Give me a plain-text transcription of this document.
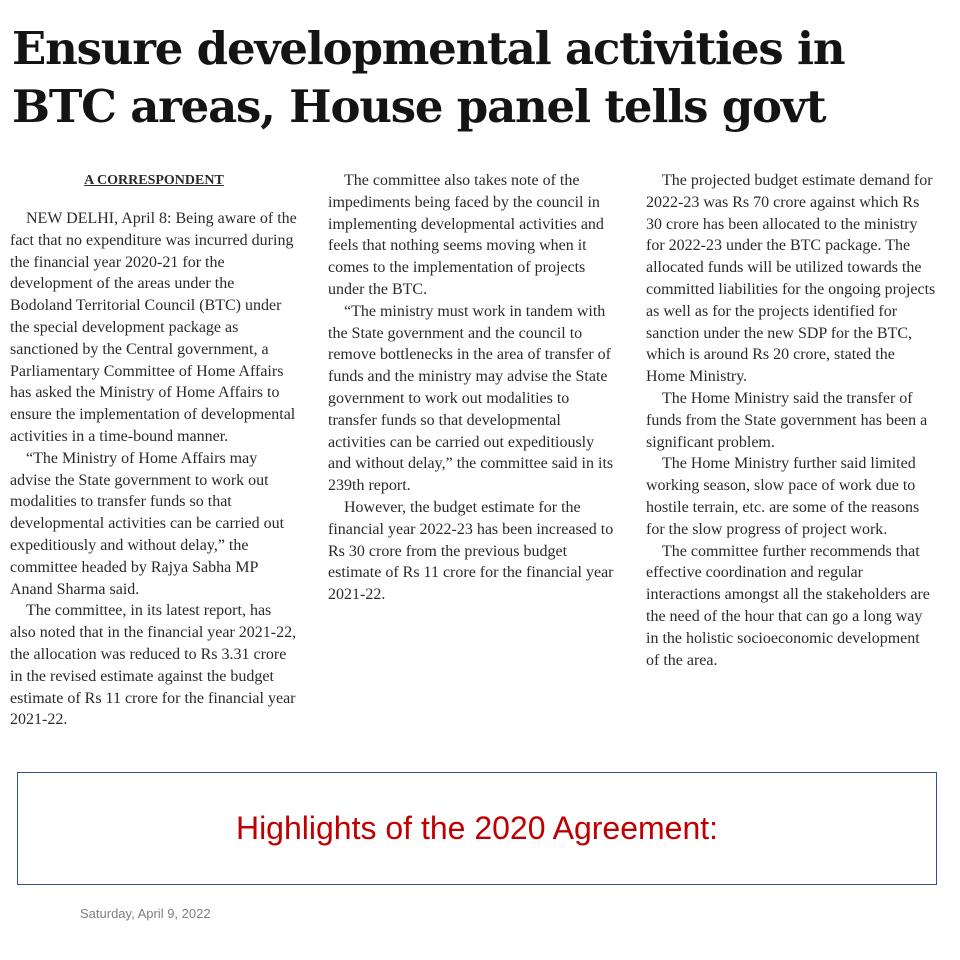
Ensure developmental activities in
BTC areas, House panel tells govt

A CORRESPONDENT

NEW DELHI, April 8: Being aware of the fact that no expenditure was incurred during the financial year 2020-21 for the development of the areas under the Bodoland Territorial Council (BTC) under the special development package as sanctioned by the Central government, a Parliamentary Committee of Home Affairs has asked the Ministry of Home Affairs to ensure the implementation of developmental activities in a time-bound manner.

“The Ministry of Home Affairs may advise the State government to work out modalities to transfer funds so that developmental activities can be carried out expeditiously and without delay,” the committee headed by Rajya Sabha MP Anand Sharma said.

The committee, in its latest report, has also noted that in the financial year 2021-22, the allocation was reduced to Rs 3.31 crore in the revised estimate against the budget estimate of Rs 11 crore for the financial year 2021-22.

The committee also takes note of the impediments being faced by the council in implementing developmental activities and feels that nothing seems moving when it comes to the implementation of projects under the BTC.

“The ministry must work in tandem with the State government and the council to remove bottlenecks in the area of transfer of funds and the ministry may advise the State government to work out modalities to transfer funds so that developmental activities can be carried out expeditiously and without delay,” the committee said in its 239th report.

However, the budget estimate for the financial year 2022-23 has been increased to Rs 30 crore from the previous budget estimate of Rs 11 crore for the financial year 2021-22.

The projected budget estimate demand for 2022-23 was Rs 70 crore against which Rs 30 crore has been allocated to the ministry for 2022-23 under the BTC package. The allocated funds will be utilized towards the committed liabilities for the ongoing projects as well as for the projects identified for sanction under the new SDP for the BTC, which is around Rs 20 crore, stated the Home Ministry.

The Home Ministry said the transfer of funds from the State government has been a significant problem.

The Home Ministry further said limited working season, slow pace of work due to hostile terrain, etc. are some of the reasons for the slow progress of project work.

The committee further recommends that effective coordination and regular interactions amongst all the stakeholders are the need of the hour that can go a long way in the holistic socioeconomic development of the area.

Highlights of the 2020 Agreement:
Saturday, April 9, 2022
